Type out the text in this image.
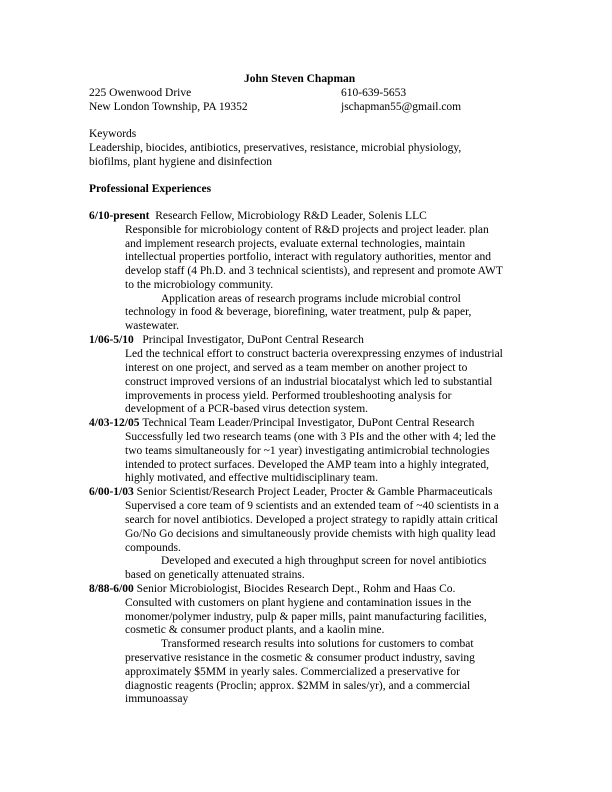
John Steven Chapman
225 Owenwood Drive	610-639-5653
New London Township, PA 19352	jschapman55@gmail.com
Keywords
Leadership, biocides, antibiotics, preservatives, resistance, microbial physiology,
biofilms, plant hygiene and disinfection
Professional Experiences
6/10-present Research Fellow, Microbiology R&D Leader, Solenis LLC
Responsible for microbiology content of R&D projects and project leader. plan
and implement research projects, evaluate external technologies, maintain
intellectual properties portfolio, interact with regulatory authorities, mentor and
develop staff (4 Ph.D. and 3 technical scientists), and represent and promote AWT
to the microbiology community.
Application areas of research programs include microbial control
technology in food & beverage, biorefining, water treatment, pulp & paper,
wastewater.
1/06-5/10 Principal Investigator, DuPont Central Research
Led the technical effort to construct bacteria overexpressing enzymes of industrial
interest on one project, and served as a team member on another project to
construct improved versions of an industrial biocatalyst which led to substantial
improvements in process yield. Performed troubleshooting analysis for
development of a PCR-based virus detection system.
4/03-12/05 Technical Team Leader/Principal Investigator, DuPont Central Research
Successfully led two research teams (one with 3 PIs and the other with 4; led the
two teams simultaneously for ~1 year) investigating antimicrobial technologies
intended to protect surfaces. Developed the AMP team into a highly integrated,
highly motivated, and effective multidisciplinary team.
6/00-1/03 Senior Scientist/Research Project Leader, Procter & Gamble Pharmaceuticals
Supervised a core team of 9 scientists and an extended team of ~40 scientists in a
search for novel antibiotics. Developed a project strategy to rapidly attain critical
Go/No Go decisions and simultaneously provide chemists with high quality lead
compounds.
Developed and executed a high throughput screen for novel antibiotics
based on genetically attenuated strains.
8/88-6/00 Senior Microbiologist, Biocides Research Dept., Rohm and Haas Co.
Consulted with customers on plant hygiene and contamination issues in the
monomer/polymer industry, pulp & paper mills, paint manufacturing facilities,
cosmetic & consumer product plants, and a kaolin mine.
Transformed research results into solutions for customers to combat
preservative resistance in the cosmetic & consumer product industry, saving
approximately $5MM in yearly sales. Commercialized a preservative for
diagnostic reagents (Proclin; approx. $2MM in sales/yr), and a commercial
immunoassay
